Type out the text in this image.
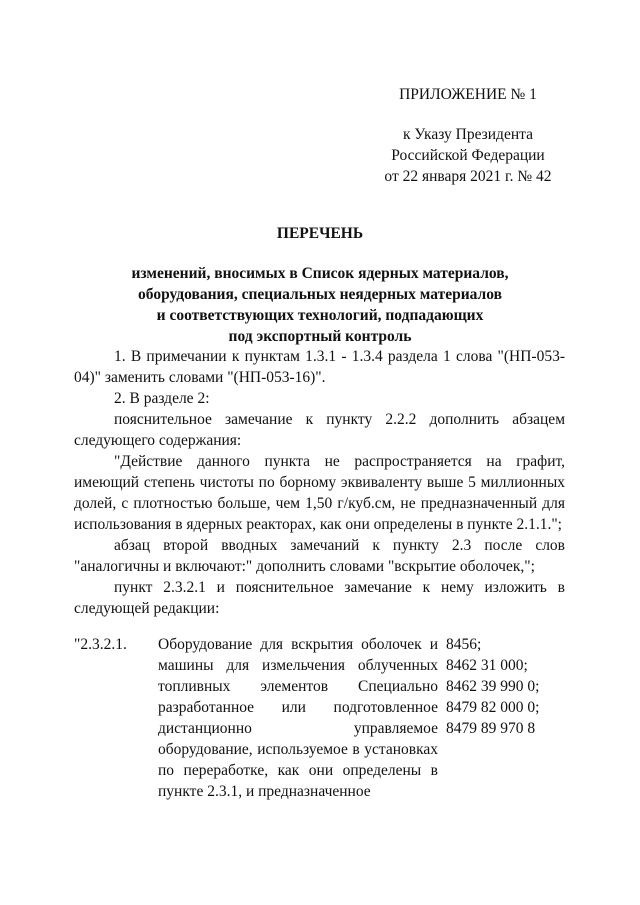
ПРИЛОЖЕНИЕ № 1
к Указу Президента
Российской Федерации
от 22 января 2021 г. № 42
ПЕРЕЧЕНЬ
изменений, вносимых в Список ядерных материалов,
оборудования, специальных неядерных материалов
и соответствующих технологий, подпадающих
под экспортный контроль

1. В примечании к пунктам 1.3.1 - 1.3.4 раздела 1 слова "(НП-053-04)" заменить словами "(НП-053-16)".

2. В разделе 2:

пояснительное замечание к пункту 2.2.2 дополнить абзацем следующего содержания:

"Действие данного пункта не распространяется на графит, имеющий степень чистоты по борному эквиваленту выше 5 миллионных долей, с плотностью больше, чем 1,50 г/куб.см, не предназначенный для использования в ядерных реакторах, как они определены в пункте 2.1.1.";

абзац второй вводных замечаний к пункту 2.3 после слов "аналогичны и включают:" дополнить словами "вскрытие оболочек,";

пункт 2.3.2.1 и пояснительное замечание к нему изложить в следующей редакции:

"2.3.2.1.	Оборудование для вскрытия оболочек и машины для измельчения облученных топливных элементов Специально разработанное или подготовленное дистанционно управляемое оборудование, используемое в установках по переработке, как они определены в пункте 2.3.1, и предназначенное
8456;
8462 31 000;
8462 39 990 0;
8479 82 000 0;
8479 89 970 8
